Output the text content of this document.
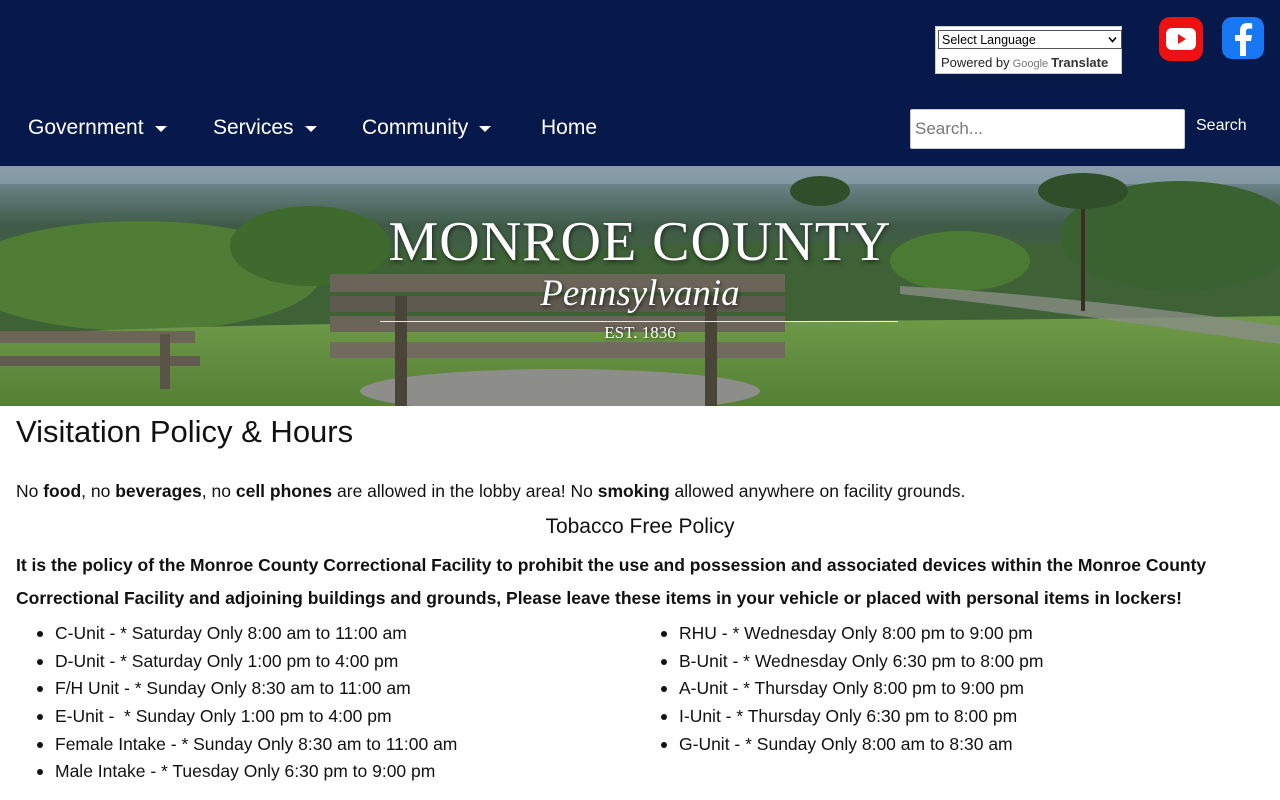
Select Language
Powered by Google Translate
Government	Services	Community	Home	Search...	Search
MONROE COUNTY
Pennsylvania
EST. 1836
Visitation Policy & Hours

No food, no beverages, no cell phones are allowed in the lobby area! No smoking allowed anywhere on facility grounds.

Tobacco Free Policy

It is the policy of the Monroe County Correctional Facility to prohibit the use and possession and associated devices within the Monroe County Correctional Facility and adjoining buildings and grounds, Please leave these items in your vehicle or placed with personal items in lockers!

C-Unit - * Saturday Only 8:00 am to 11:00 am
D-Unit - * Saturday Only 1:00 pm to 4:00 pm
F/H Unit - * Sunday Only 8:30 am to 11:00 am
E-Unit -  * Sunday Only 1:00 pm to 4:00 pm
Female Intake - * Sunday Only 8:30 am to 11:00 am
Male Intake - * Tuesday Only 6:30 pm to 9:00 pm
RHU - * Wednesday Only 8:00 pm to 9:00 pm
B-Unit - * Wednesday Only 6:30 pm to 8:00 pm
A-Unit - * Thursday Only 8:00 pm to 9:00 pm
I-Unit - * Thursday Only 6:30 pm to 8:00 pm
G-Unit - * Sunday Only 8:00 am to 8:30 am
